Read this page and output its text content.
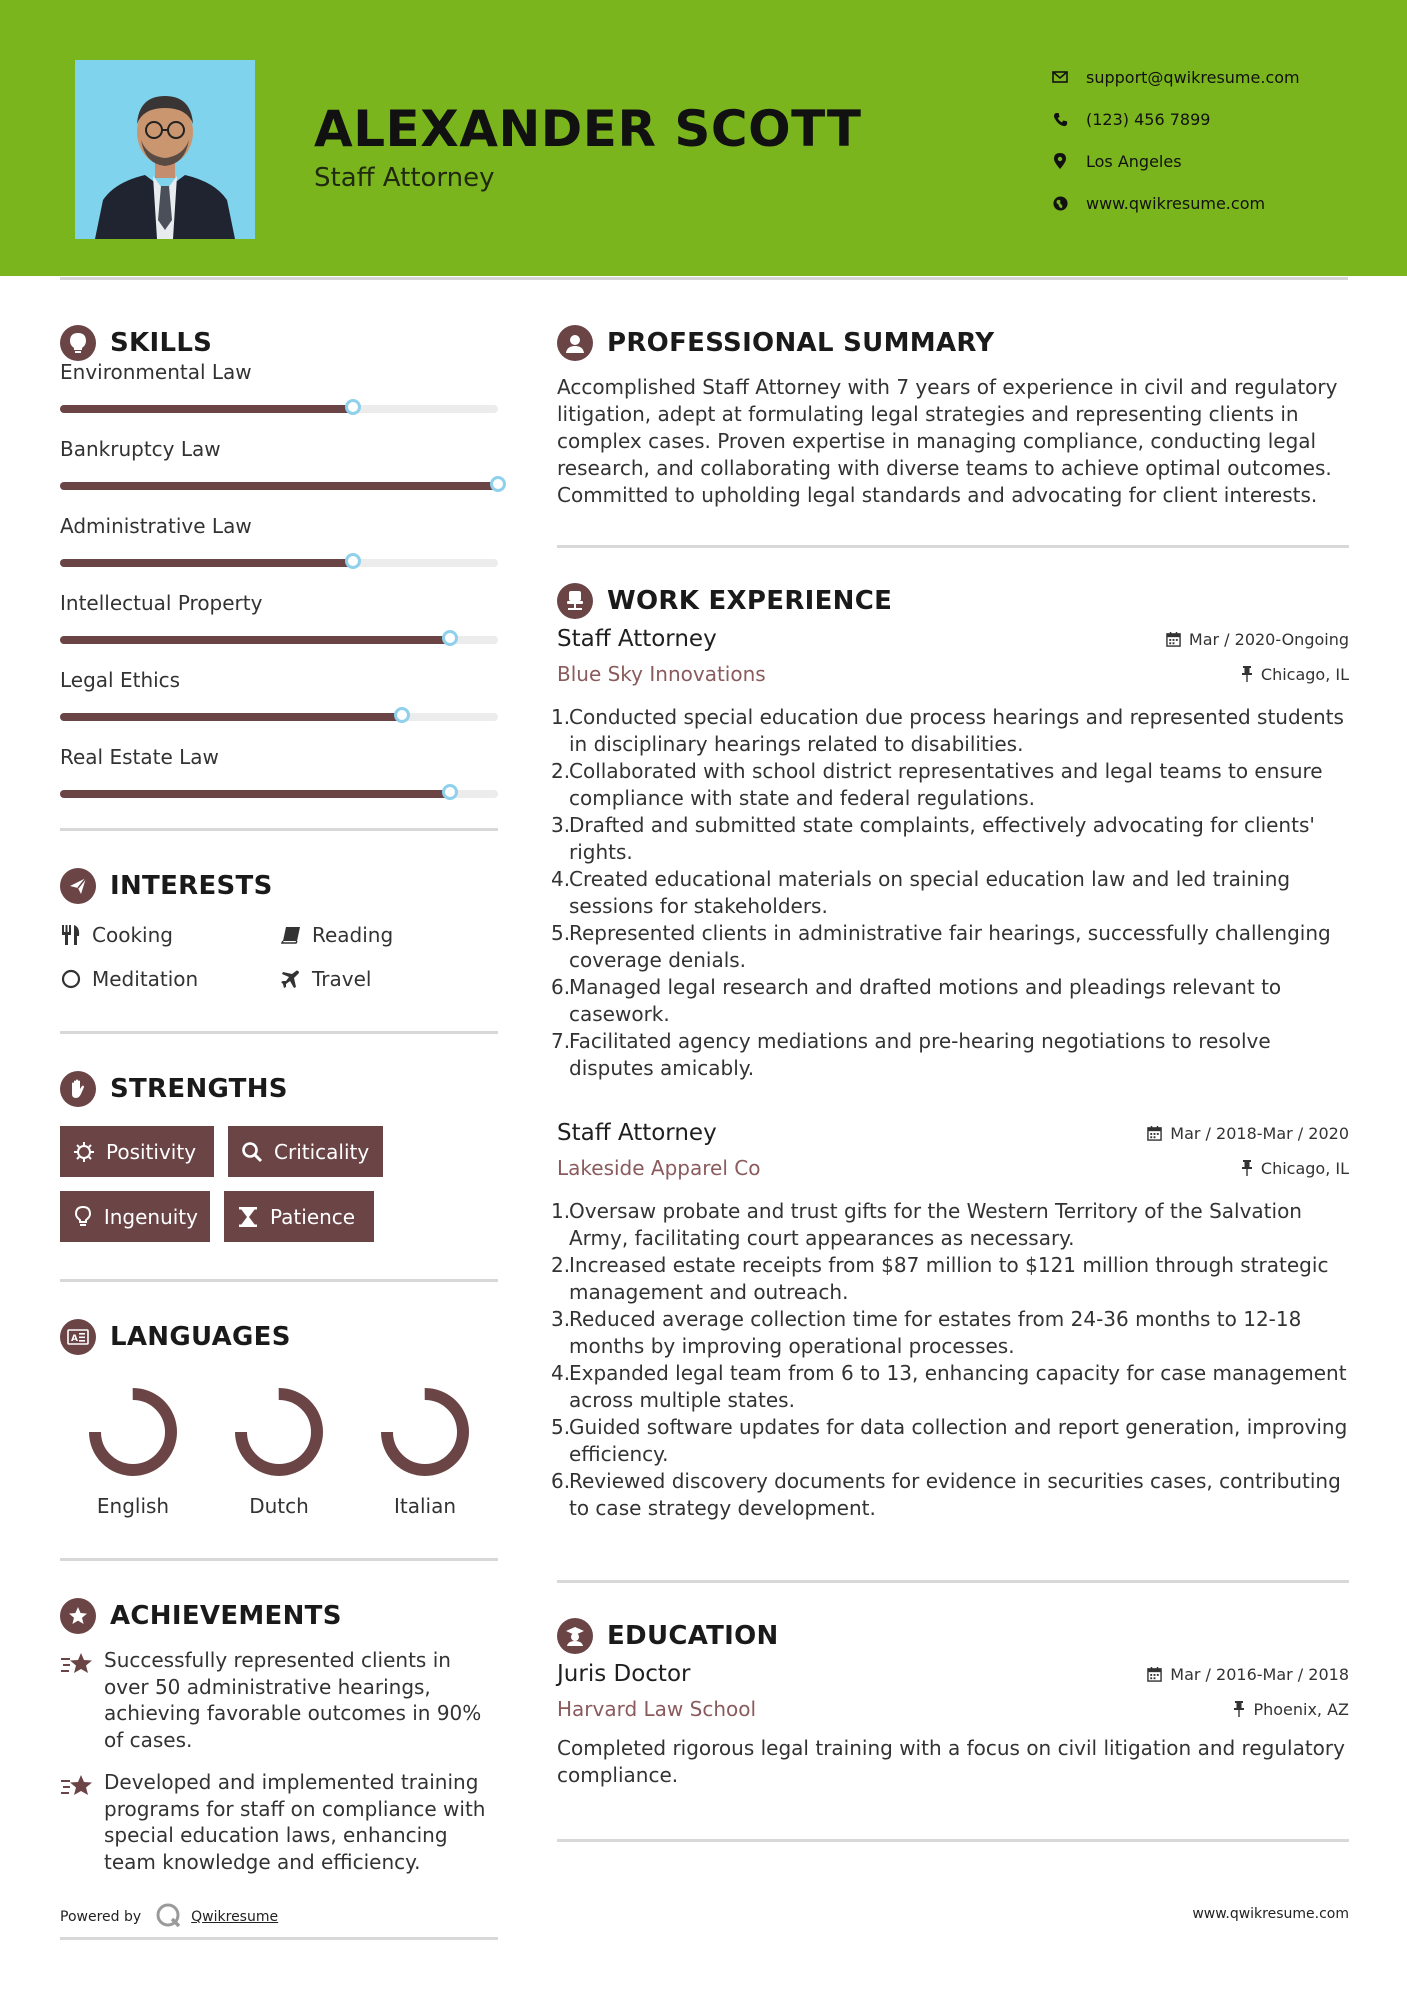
ALEXANDER SCOTT
Staff Attorney
support@qwikresume.com
(123) 456 7899
Los Angeles
www.qwikresume.com
SKILLS
Environmental Law
Bankruptcy Law
Administrative Law
Intellectual Property
Legal Ethics
Real Estate Law
INTERESTS
Cooking	Reading
Meditation	Travel
STRENGTHS
Positivity	Criticality
Ingenuity	Patience
A LANGUAGES
English	Dutch	Italian
ACHIEVEMENTS
Successfully represented clients in over 50 administrative hearings, achieving favorable outcomes in 90% of cases.
Developed and implemented training programs for staff on compliance with special education laws, enhancing team knowledge and efficiency.
Powered by	Qwikresume	www.qwikresume.com
PROFESSIONAL SUMMARY
Accomplished Staff Attorney with 7 years of experience in civil and regulatory litigation, adept at formulating legal strategies and representing clients in complex cases. Proven expertise in managing compliance, conducting legal research, and collaborating with diverse teams to achieve optimal outcomes. Committed to upholding legal standards and advocating for client interests.
WORK EXPERIENCE
Staff Attorney	Mar / 2020-Ongoing
Blue Sky Innovations	Chicago, IL
1.
Conducted special education due process hearings and represented students in disciplinary hearings related to disabilities.
2.
Collaborated with school district representatives and legal teams to ensure compliance with state and federal regulations.
3.
Drafted and submitted state complaints, effectively advocating for clients' rights.
4.
Created educational materials on special education law and led training sessions for stakeholders.
5.
Represented clients in administrative fair hearings, successfully challenging coverage denials.
6.
Managed legal research and drafted motions and pleadings relevant to casework.
7.
Facilitated agency mediations and pre-hearing negotiations to resolve disputes amicably.
Staff Attorney	Mar / 2018-Mar / 2020
Lakeside Apparel Co	Chicago, IL
1.
Oversaw probate and trust gifts for the Western Territory of the Salvation Army, facilitating court appearances as necessary.
2.
Increased estate receipts from $87 million to $121 million through strategic management and outreach.
3.
Reduced average collection time for estates from 24-36 months to 12-18 months by improving operational processes.
4.
Expanded legal team from 6 to 13, enhancing capacity for case management across multiple states.
5.
Guided software updates for data collection and report generation, improving efficiency.
6.
Reviewed discovery documents for evidence in securities cases, contributing to case strategy development.
EDUCATION
Juris Doctor	Mar / 2016-Mar / 2018
Harvard Law School	Phoenix, AZ
Completed rigorous legal training with a focus on civil litigation and regulatory compliance.
